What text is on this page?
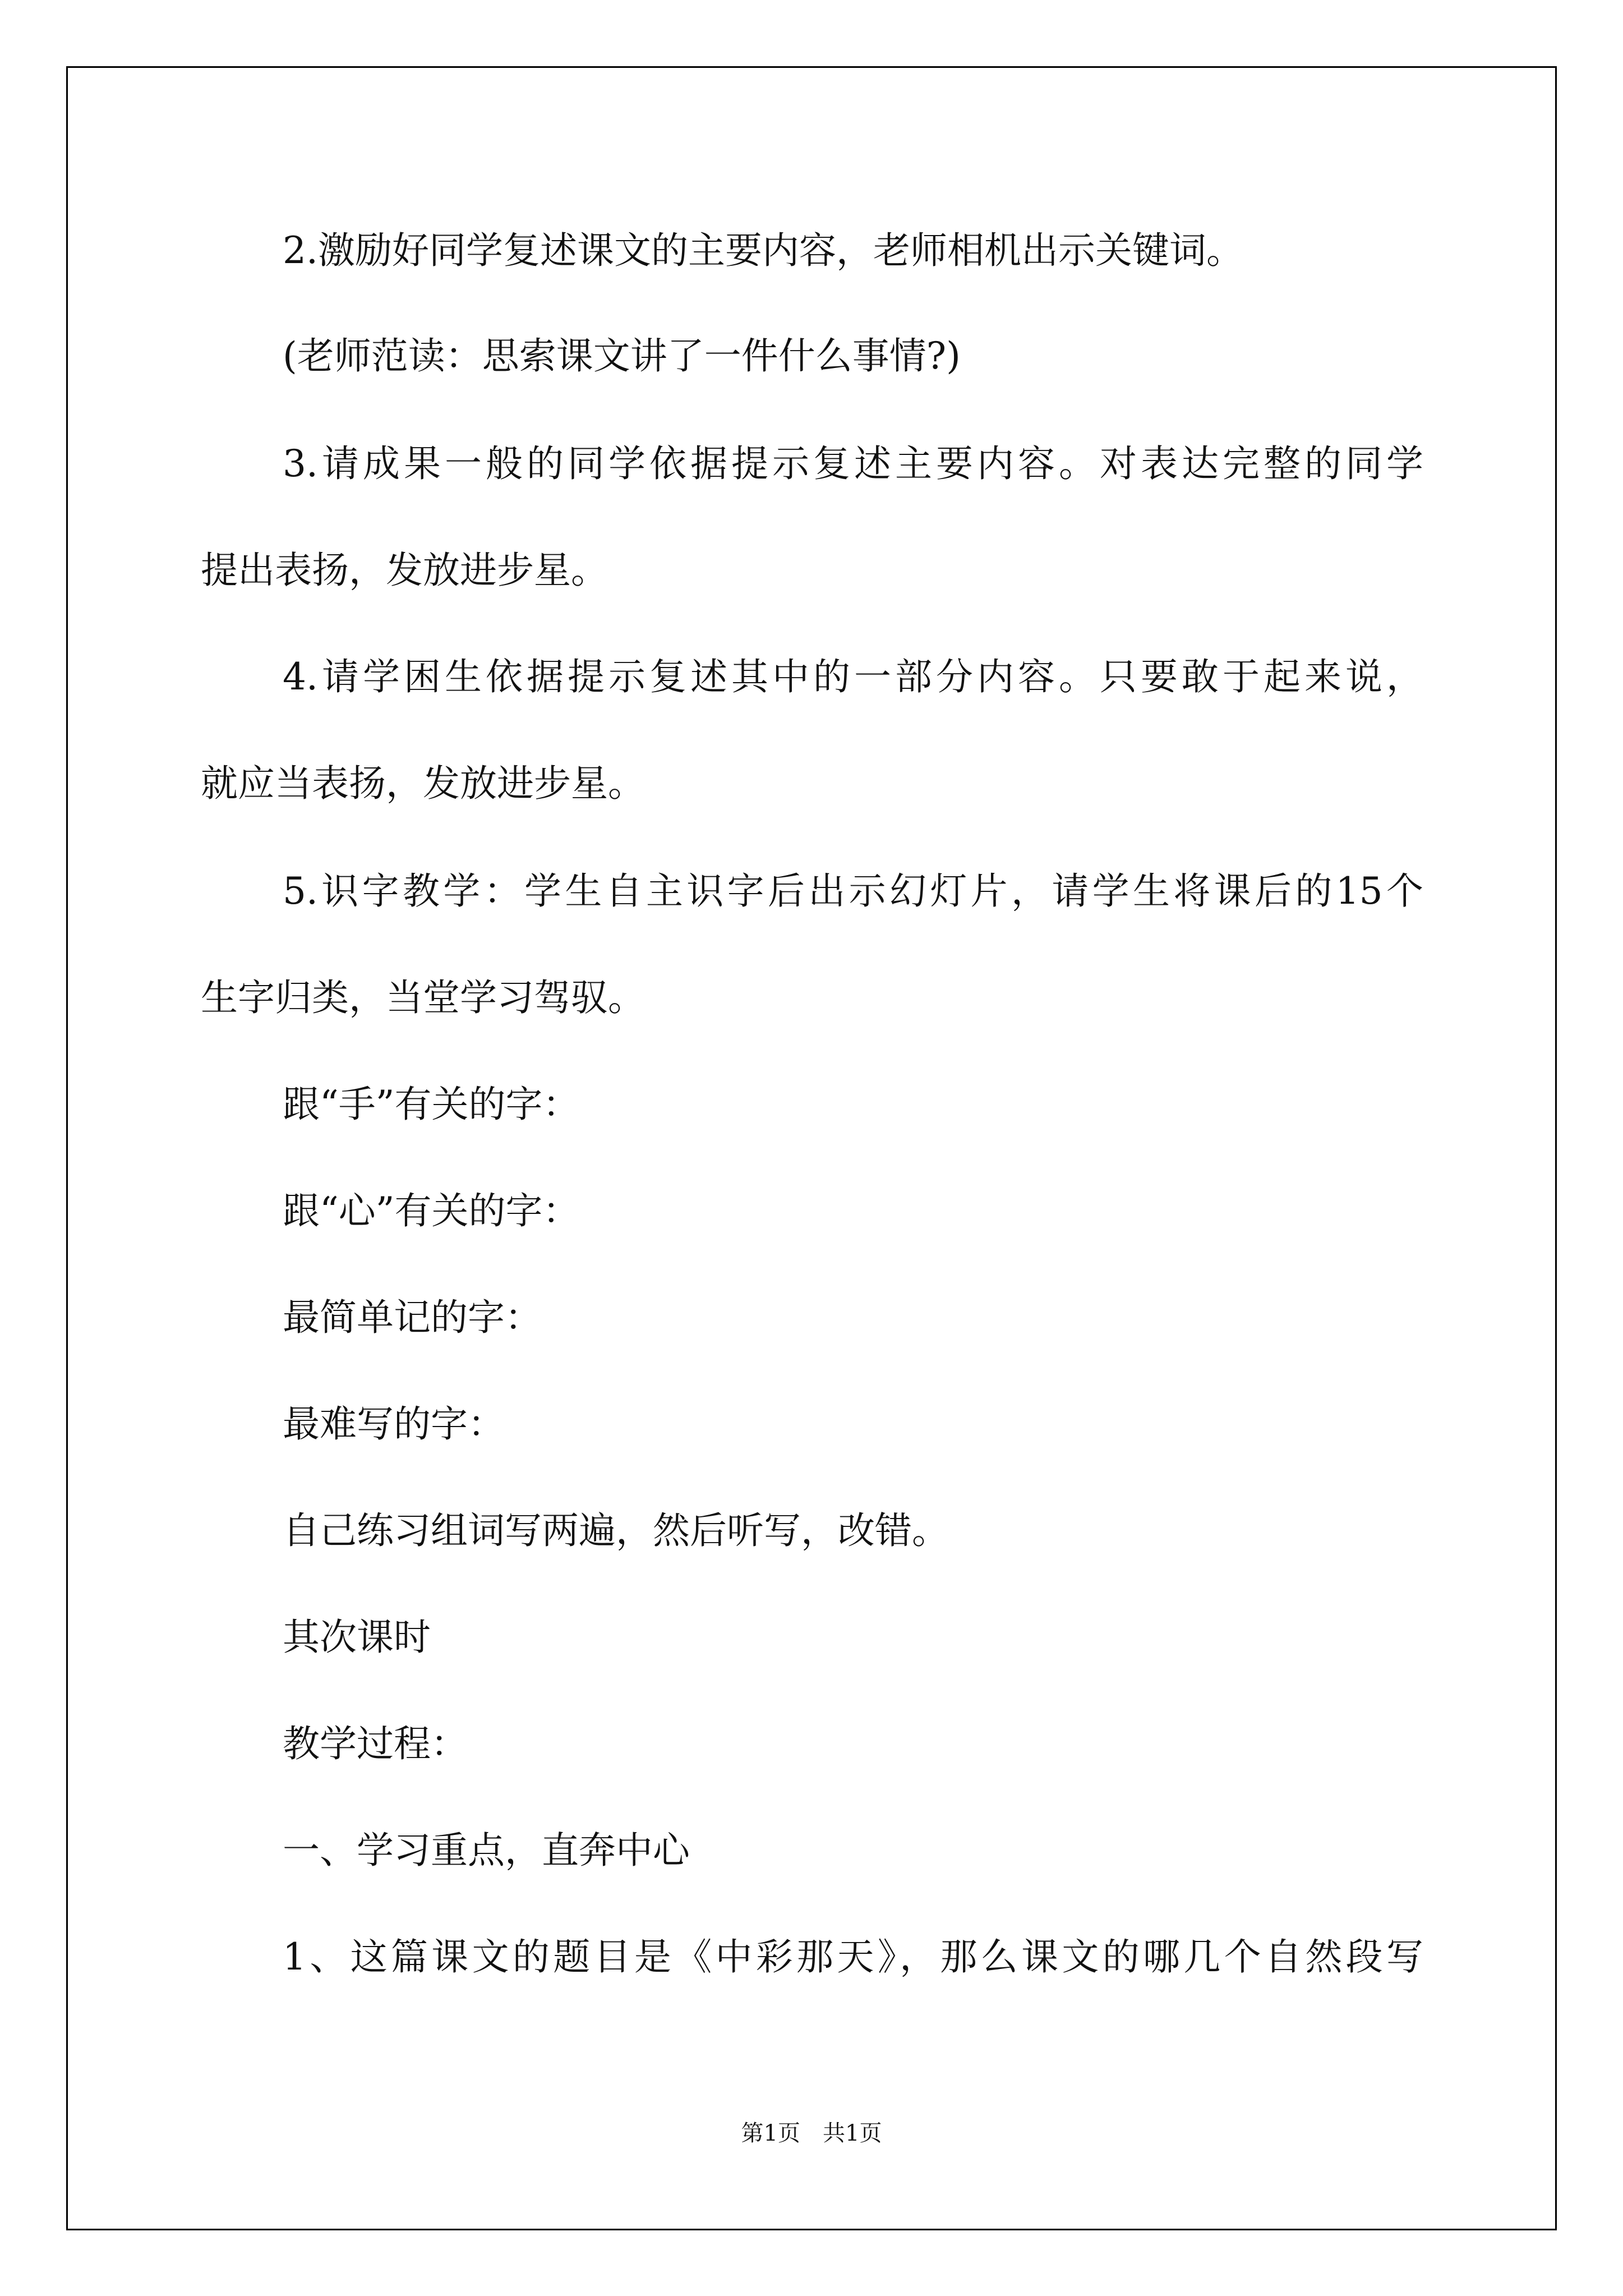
2.激励好同学复述课文的主要内容，老师相机出示关键词。
(老师范读：思索课文讲了一件什么事情?)
3.请成果一般的同学依据提示复述主要内容。对表达完整的同学
提出表扬，发放进步星。
4.请学困生依据提示复述其中的一部分内容。只要敢于起来说，
就应当表扬，发放进步星。
5.识字教学：学生自主识字后出示幻灯片，请学生将课后的15个
生字归类，当堂学习驾驭。
跟“手”有关的字：
跟“心”有关的字：
最简单记的字：
最难写的字：
自己练习组词写两遍，然后听写，改错。
其次课时
教学过程：
一、学习重点，直奔中心
1、这篇课文的题目是《中彩那天》，那么课文的哪几个自然段写
第1页　共1页
